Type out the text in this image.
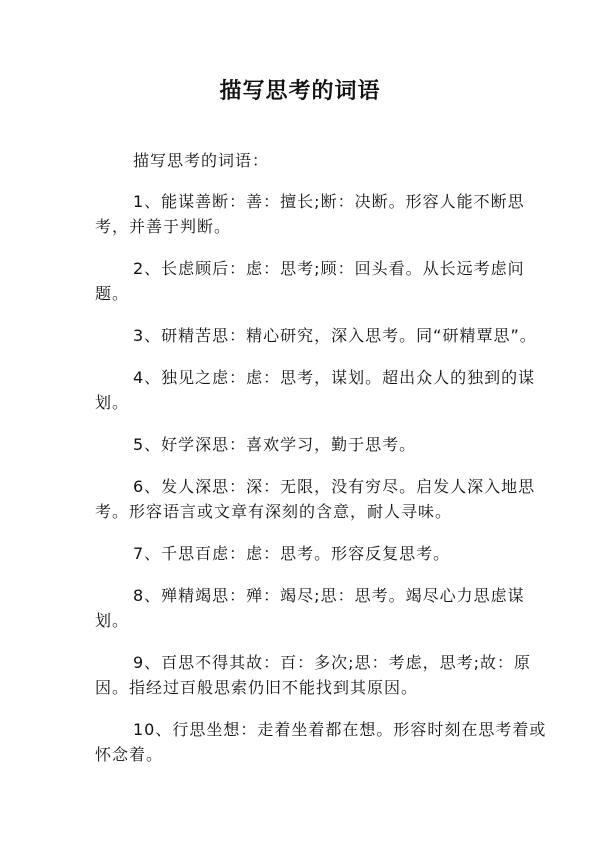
描写思考的词语

描写思考的词语：

1、能谋善断：善：擅长;断：决断。形容人能不断思考，并善于判断。

2、长虑顾后：虑：思考;顾：回头看。从长远考虑问题。

3、研精苦思：精心研究，深入思考。同“研精覃思”。

4、独见之虑：虑：思考，谋划。超出众人的独到的谋划。

5、好学深思：喜欢学习，勤于思考。

6、发人深思：深：无限，没有穷尽。启发人深入地思考。形容语言或文章有深刻的含意，耐人寻味。

7、千思百虑：虑：思考。形容反复思考。

8、殚精竭思：殚：竭尽;思：思考。竭尽心力思虑谋划。

9、百思不得其故：百：多次;思：考虑，思考;故：原因。指经过百般思索仍旧不能找到其原因。

10、行思坐想：走着坐着都在想。形容时刻在思考着或怀念着。
